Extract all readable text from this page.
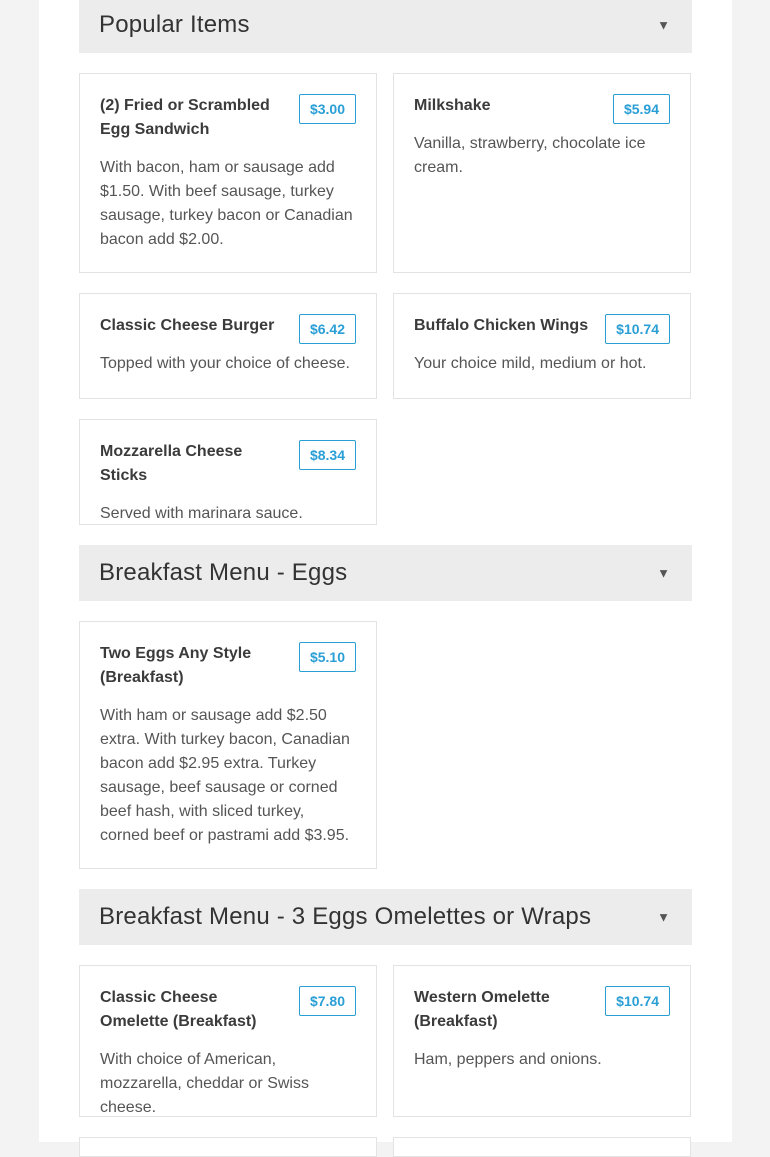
Popular Items	▼
(2) Fried or Scrambled Egg Sandwich
$3.00
With bacon, ham or sausage add $1.50. With beef sausage, turkey sausage, turkey bacon or Canadian bacon add $2.00.
Milkshake	$5.94
Vanilla, strawberry, chocolate ice cream.
Classic Cheese Burger	$6.42
Topped with your choice of cheese.
Buffalo Chicken Wings	$10.74
Your choice mild, medium or hot.
Mozzarella Cheese Sticks
$8.34
Served with marinara sauce.
Breakfast Menu - Eggs	▼
Two Eggs Any Style (Breakfast)
$5.10
With ham or sausage add $2.50 extra. With turkey bacon, Canadian bacon add $2.95 extra. Turkey sausage, beef sausage or corned beef hash, with sliced turkey, corned beef or pastrami add $3.95.
Breakfast Menu - 3 Eggs Omelettes or Wraps	▼
Classic Cheese Omelette (Breakfast)
$7.80
With choice of American, mozzarella, cheddar or Swiss cheese.
Western Omelette (Breakfast)
$10.74
Ham, peppers and onions.
